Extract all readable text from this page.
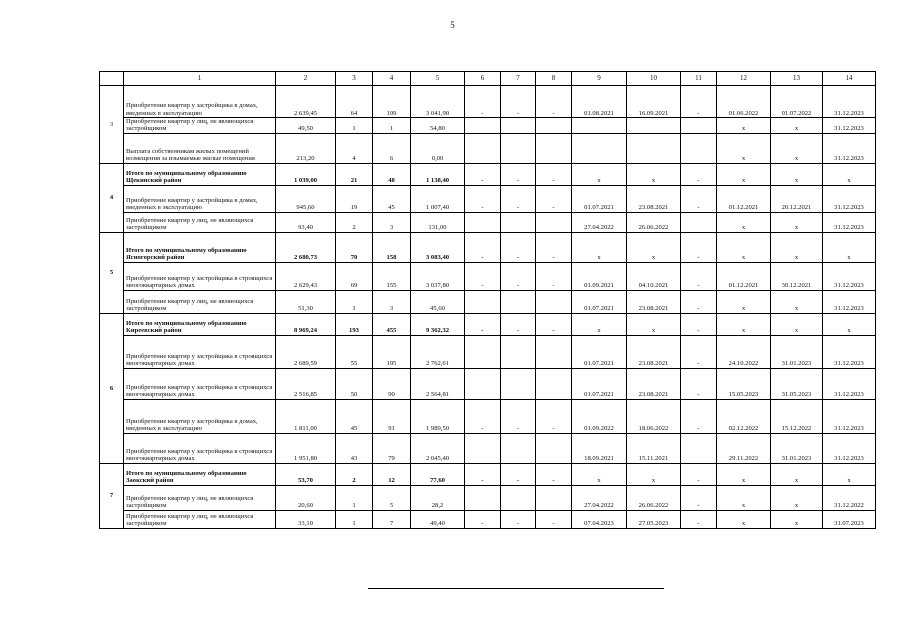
5
	1	2	3	4	5	6	7	8	9	10	11	12	13	14
3	Приобретение квартир у застройщика в домах, введенных в эксплуатацию	2 639,45	64	109	3 041,90	-	-	-	01.08.2021	16.09.2021	-	01.06.2022	01.07.2022	31.12.2023
	Приобретение квартир у лиц, не являющихся застройщиком	49,50	1	1	54,80							x	x	31.12.2023
	Выплата собственникам жилых помещений возмещения за изымаемые жилые помещения	213,20	4	6	0,00							x	x	31.12.2023
4	Итого по муниципальному образованию Щекинский район	1 039,00	21	48	1 138,40	-	-	-	x	x	-	x	x	x
	Приобретение квартир у застройщика в домах, введенных в эксплуатацию	945,60	19	45	1 007,40	-	-	-	01.07.2021	23.08.2021	-	01.12.2021	20.12.2021	31.12.2023
	Приобретение квартир у лиц, не являющихся застройщиком	93,40	2	3	131,00				27.04.2022	26.06.2022		x	x	31.12.2023
5	Итого по муниципальному образованию Ясногорский район	2 680,73	70	158	3 083,40	-	-	-	x	x	-	x	x	x
	Приобретение квартир у застройщика в строящихся многоквартирных домах	2 629,43	69	155	3 037,80	-	-	-	01.09.2021	04.10.2021	-	01.12.2021	30.12.2021	31.12.2023
	Приобретение квартир у лиц, не являющихся застройщиком	51,30	1	3	45,60				01.07.2021	23.08.2021	-	x	x	31.12.2023
6	Итого по муниципальному образованию Киреевский район	8 969,24	193	455	9 362,32	-	-	-	x	x	-	x	x	x
	Приобретение квартир у застройщика в строящихся многоквартирных домах	2 689,59	55	195	2 762,61				01.07.2021	23.08.2021	-	24.10.2022	31.01.2023	31.12.2023
	Приобретение квартир у застройщика в строящихся многоквартирных домах	2 516,85	50	90	2 564,81				01.07.2021	23.08.2021	-	15.05.2023	31.05.2023	31.12.2023
	Приобретение квартир у застройщика в домах, введенных в эксплуатацию	1 811,00	45	91	1 989,50	-	-	-	01.09.2022	18.06.2022	-	02.12.2022	15.12.2022	31.12.2023
	Приобретение квартир у застройщика в строящихся многоквартирных домах	1 951,80	43	79	2 045,40				18.09.2021	15.11.2021		29.11.2022	31.01.2023	31.12.2023
7	Итого по муниципальному образованию Заокский район	53,70	2	12	77,60	-	-	-	x	x	-	x	x	x
	Приобретение квартир у лиц, не являющихся застройщиком	20,60	1	5	28,2				27.04.2022	26.06.2022	-	x	x	31.12.2022
	Приобретение квартир у лиц, не являющихся застройщиком	33,10	1	7	49,40	-	-	-	07.04.2023	27.05.2023	-	x	x	31.07.2023
